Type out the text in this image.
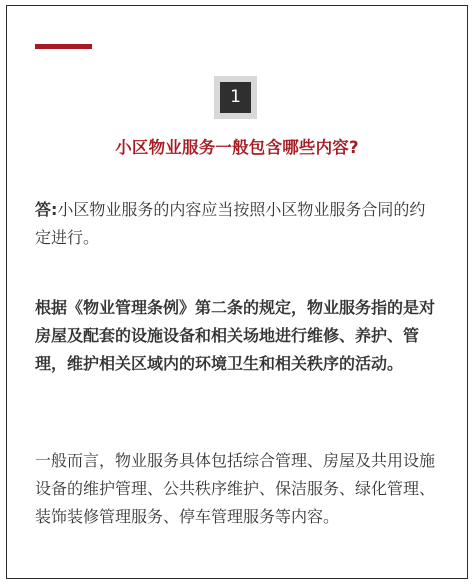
1
小区物业服务一般包含哪些内容?

答:小区物业服务的内容应当按照小区物业服务合同的约定进行。

根据《物业管理条例》第二条的规定，物业服务指的是对房屋及配套的设施设备和相关场地进行维修、养护、管理，维护相关区域内的环境卫生和相关秩序的活动。

一般而言，物业服务具体包括综合管理、房屋及共用设施设备的维护管理、公共秩序维护、保洁服务、绿化管理、装饰装修管理服务、停车管理服务等内容。
